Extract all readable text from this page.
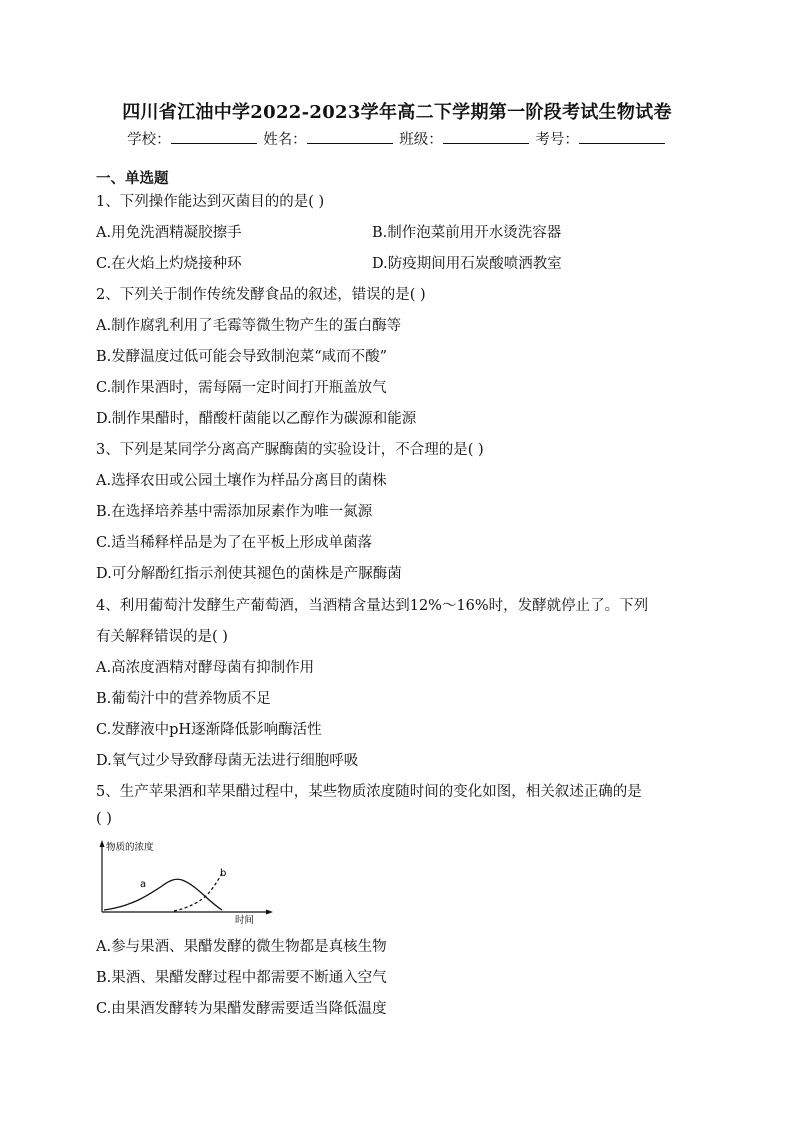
四川省江油中学2022-2023学年高二下学期第一阶段考试生物试卷
学校：	姓名：	班级：	考号：
一、单选题
1、下列操作能达到灭菌目的的是( )
A.用免洗酒精凝胶擦手	B.制作泡菜前用开水烫洗容器
C.在火焰上灼烧接种环	D.防疫期间用石炭酸喷洒教室
2、下列关于制作传统发酵食品的叙述，错误的是( )
A.制作腐乳利用了毛霉等微生物产生的蛋白酶等
B.发酵温度过低可能会导致制泡菜“咸而不酸”
C.制作果酒时，需每隔一定时间打开瓶盖放气
D.制作果醋时，醋酸杆菌能以乙醇作为碳源和能源
3、下列是某同学分离高产脲酶菌的实验设计，不合理的是( )
A.选择农田或公园土壤作为样品分离目的菌株
B.在选择培养基中需添加尿素作为唯一氮源
C.适当稀释样品是为了在平板上形成单菌落
D.可分解酚红指示剂使其褪色的菌株是产脲酶菌
4、利用葡萄汁发酵生产葡萄酒，当酒精含量达到12%～16%时，发酵就停止了。下列
有关解释错误的是( )
A.高浓度酒精对酵母菌有抑制作用
B.葡萄汁中的营养物质不足
C.发酵液中pH逐渐降低影响酶活性
D.氧气过少导致酵母菌无法进行细胞呼吸
5、生产苹果酒和苹果醋过程中，某些物质浓度随时间的变化如图，相关叙述正确的是
( )
物质的浓度
时间
a
b
A.参与果酒、果醋发酵的微生物都是真核生物
B.果酒、果醋发酵过程中都需要不断通入空气
C.由果酒发酵转为果醋发酵需要适当降低温度
